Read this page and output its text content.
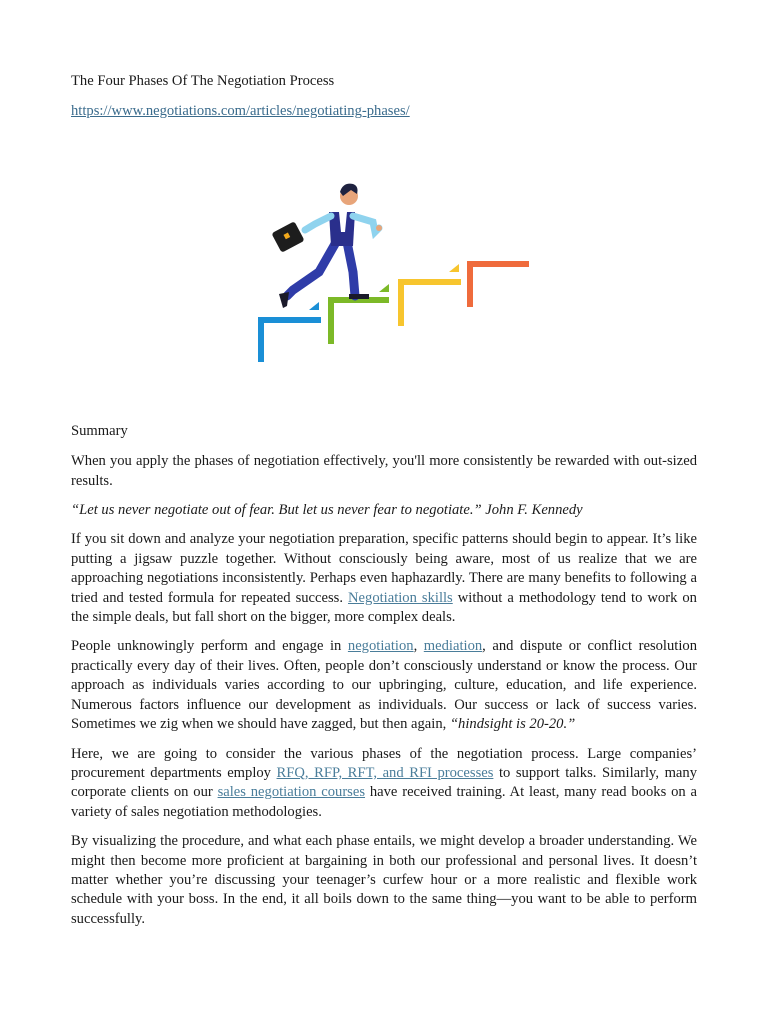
The Four Phases Of The Negotiation Process

https://www.negotiations.com/articles/negotiating-phases/

Summary

When you apply the phases of negotiation effectively, you'll more consistently be rewarded with out-sized results.

“Let us never negotiate out of fear. But let us never fear to negotiate.” John F. Kennedy

If you sit down and analyze your negotiation preparation, specific patterns should begin to appear. It’s like putting a jigsaw puzzle together. Without consciously being aware, most of us realize that we are approaching negotiations inconsistently. Perhaps even haphazardly. There are many benefits to following a tried and tested formula for repeated success. Negotiation skills without a methodology tend to work on the simple deals, but fall short on the bigger, more complex deals.

People unknowingly perform and engage in negotiation, mediation, and dispute or conflict resolution practically every day of their lives. Often, people don’t consciously understand or know the process. Our approach as individuals varies according to our upbringing, culture, education, and life experience. Numerous factors influence our development as individuals. Our success or lack of success varies. Sometimes we zig when we should have zagged, but then again, “hindsight is 20-20.”

Here, we are going to consider the various phases of the negotiation process. Large companies’ procurement departments employ RFQ, RFP, RFT, and RFI processes to support talks. Similarly, many corporate clients on our sales negotiation courses have received training. At least, many read books on a variety of sales negotiation methodologies.

By visualizing the procedure, and what each phase entails, we might develop a broader understanding. We might then become more proficient at bargaining in both our professional and personal lives. It doesn’t matter whether you’re discussing your teenager’s curfew hour or a more realistic and flexible work schedule with your boss. In the end, it all boils down to the same thing—you want to be able to perform successfully.
